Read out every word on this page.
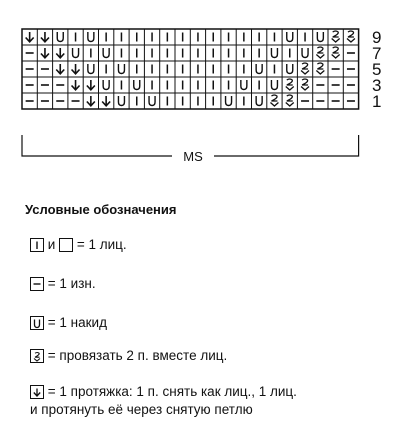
9
7
5
3
1
MS
Условные обозначения
и = 1 лиц.
= 1 изн.
= 1 накид
= провязать 2 п. вместе лиц.
= 1 протяжка: 1 п. снять как лиц., 1 лиц.
и протянуть её через снятую петлю
